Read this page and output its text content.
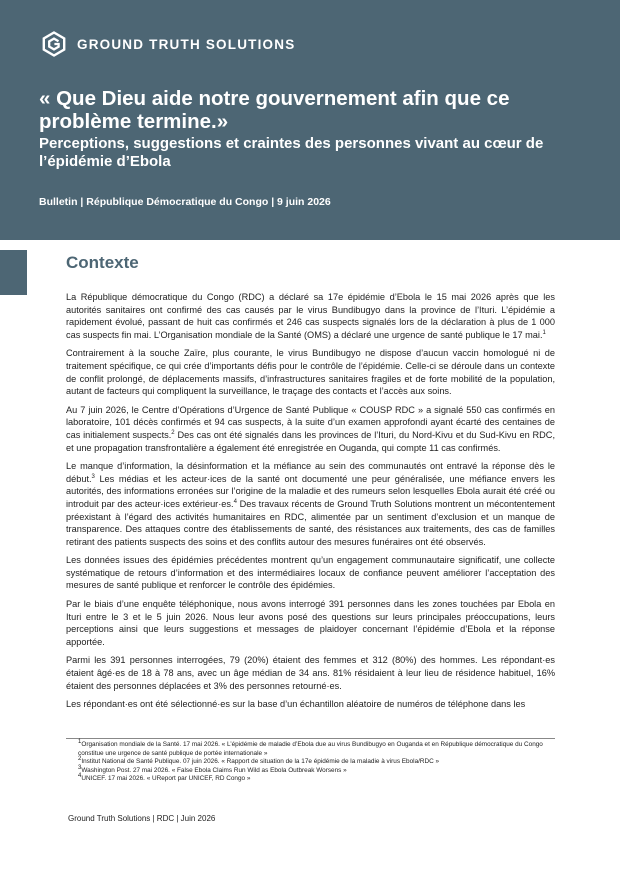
GROUND TRUTH SOLUTIONS
« Que Dieu aide notre gouvernement afin que ce problème termine.»
Perceptions, suggestions et craintes des personnes vivant au cœur de l’épidémie d’Ebola
Bulletin | République Démocratique du Congo | 9 juin 2026
Contexte

La République démocratique du Congo (RDC) a déclaré sa 17e épidémie d’Ebola le 15 mai 2026 après que les autorités sanitaires ont confirmé des cas causés par le virus Bundibugyo dans la province de l’Ituri. L’épidémie a rapidement évolué, passant de huit cas confirmés et 246 cas suspects signalés lors de la déclaration à plus de 1 000 cas suspects fin mai. L’Organisation mondiale de la Santé (OMS) a déclaré une urgence de santé publique le 17 mai.$^1$

Contrairement à la souche Zaïre, plus courante, le virus Bundibugyo ne dispose d’aucun vaccin homologué ni de traitement spécifique, ce qui crée d’importants défis pour le contrôle de l’épidémie. Celle-ci se déroule dans un contexte de conflit prolongé, de déplacements massifs, d’infrastructures sanitaires fragiles et de forte mobilité de la population, autant de facteurs qui compliquent la surveillance, le traçage des contacts et l’accès aux soins.

Au 7 juin 2026, le Centre d’Opérations d’Urgence de Santé Publique « COUSP RDC » a signalé 550 cas confirmés en laboratoire, 101 décès confirmés et 94 cas suspects, à la suite d’un examen approfondi ayant écarté des centaines de cas initialement suspects.$^2$ Des cas ont été signalés dans les provinces de l’Ituri, du Nord-Kivu et du Sud-Kivu en RDC, et une propagation transfrontalière a également été enregistrée en Ouganda, qui compte 11 cas confirmés.

Le manque d’information, la désinformation et la méfiance au sein des communautés ont entravé la réponse dès le début.$^3$ Les médias et les acteur·ices de la santé ont documenté une peur généralisée, une méfiance envers les autorités, des informations erronées sur l’origine de la maladie et des rumeurs selon lesquelles Ebola aurait été créé ou introduit par des acteur·ices extérieur·es.$^4$ Des travaux récents de Ground Truth Solutions montrent un mécontentement préexistant à l’égard des activités humanitaires en RDC, alimentée par un sentiment d’exclusion et un manque de transparence. Des attaques contre des établissements de santé, des résistances aux traitements, des cas de familles retirant des patients suspects des soins et des conflits autour des mesures funéraires ont été observés.

Les données issues des épidémies précédentes montrent qu’un engagement communautaire significatif, une collecte systématique de retours d’information et des intermédiaires locaux de confiance peuvent améliorer l’acceptation des mesures de santé publique et renforcer le contrôle des épidémies.

Par le biais d’une enquête téléphonique, nous avons interrogé 391 personnes dans les zones touchées par Ebola en Ituri entre le 3 et le 5 juin 2026. Nous leur avons posé des questions sur leurs principales préoccupations, leurs perceptions ainsi que leurs suggestions et messages de plaidoyer concernant l’épidémie d’Ebola et la réponse apportée.

Parmi les 391 personnes interrogées, 79 (20%) étaient des femmes et 312 (80%) des hommes. Les répondant·es étaient âgé·es de 18 à 78 ans, avec un âge médian de 34 ans. 81% résidaient à leur lieu de résidence habituel, 16% étaient des personnes déplacées et 3% des personnes retourné·es.

Les répondant·es ont été sélectionné·es sur la base d’un échantillon aléatoire de numéros de téléphone dans les

$^1$Organisation mondiale de la Santé. 17 mai 2026. « L’épidémie de maladie d’Ebola due au virus Bundibugyo en Ouganda et en République démocratique du Congo constitue une urgence de santé publique de portée internationale »
$^2$Institut National de Santé Publique. 07 juin 2026. « Rapport de situation de la 17e épidémie de la maladie à virus Ebola/RDC »
$^3$Washington Post. 27 mai 2026. « False Ebola Claims Run Wild as Ebola Outbreak Worsens »
$^4$UNICEF. 17 mai 2026. « UReport par UNICEF, RD Congo »
Ground Truth Solutions | RDC | Juin 2026
